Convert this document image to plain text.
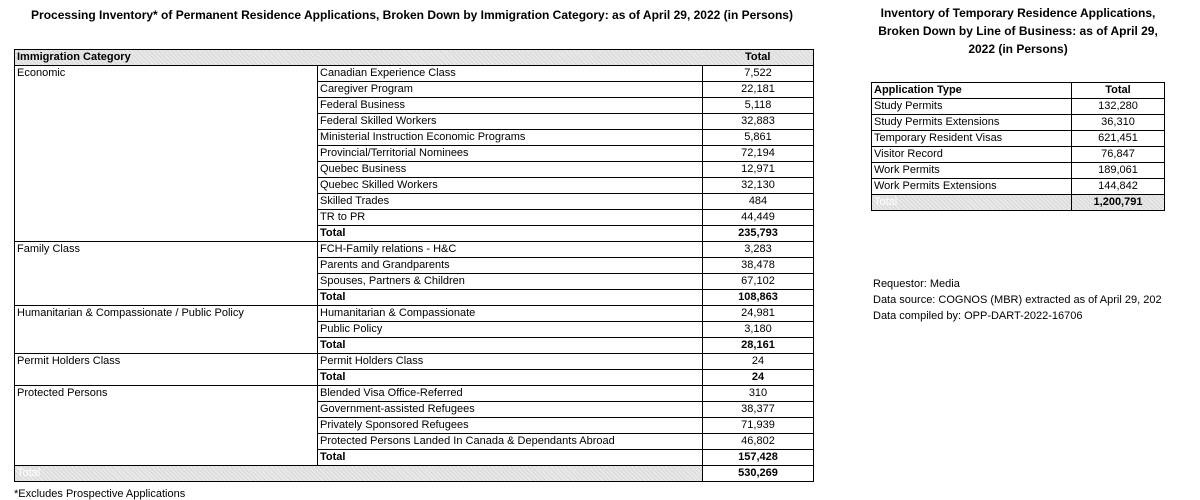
Processing Inventory* of Permanent Residence Applications, Broken Down by Immigration Category: as of April 29, 2022 (in Persons)
Immigration Category		Total
Economic	Canadian Experience Class	7,522
	Caregiver Program	22,181
	Federal Business	5,118
	Federal Skilled Workers	32,883
	Ministerial Instruction Economic Programs	5,861
	Provincial/Territorial Nominees	72,194
	Quebec Business	12,971
	Quebec Skilled Workers	32,130
	Skilled Trades	484
	TR to PR	44,449
	Total	235,793
Family Class	FCH-Family relations - H&C	3,283
	Parents and Grandparents	38,478
	Spouses, Partners & Children	67,102
	Total	108,863
Humanitarian & Compassionate / Public Policy	Humanitarian & Compassionate	24,981
	Public Policy	3,180
	Total	28,161
Permit Holders Class	Permit Holders Class	24
	Total	24
Protected Persons	Blended Visa Office-Referred	310
	Government-assisted Refugees	38,377
	Privately Sponsored Refugees	71,939
	Protected Persons Landed In Canada & Dependants Abroad	46,802
	Total	157,428
Total		530,269
Inventory of Temporary Residence Applications, Broken Down by Line of Business: as of April 29, 2022 (in Persons)
Application Type	Total
Study Permits	132,280
Study Permits Extensions	36,310
Temporary Resident Visas	621,451
Visitor Record	76,847
Work Permits	189,061
Work Permits Extensions	144,842
Total	1,200,791
Requestor: Media
Data source: COGNOS (MBR) extracted as of April 29, 202
Data compiled by: OPP-DART-2022-16706
*Excludes Prospective Applications
